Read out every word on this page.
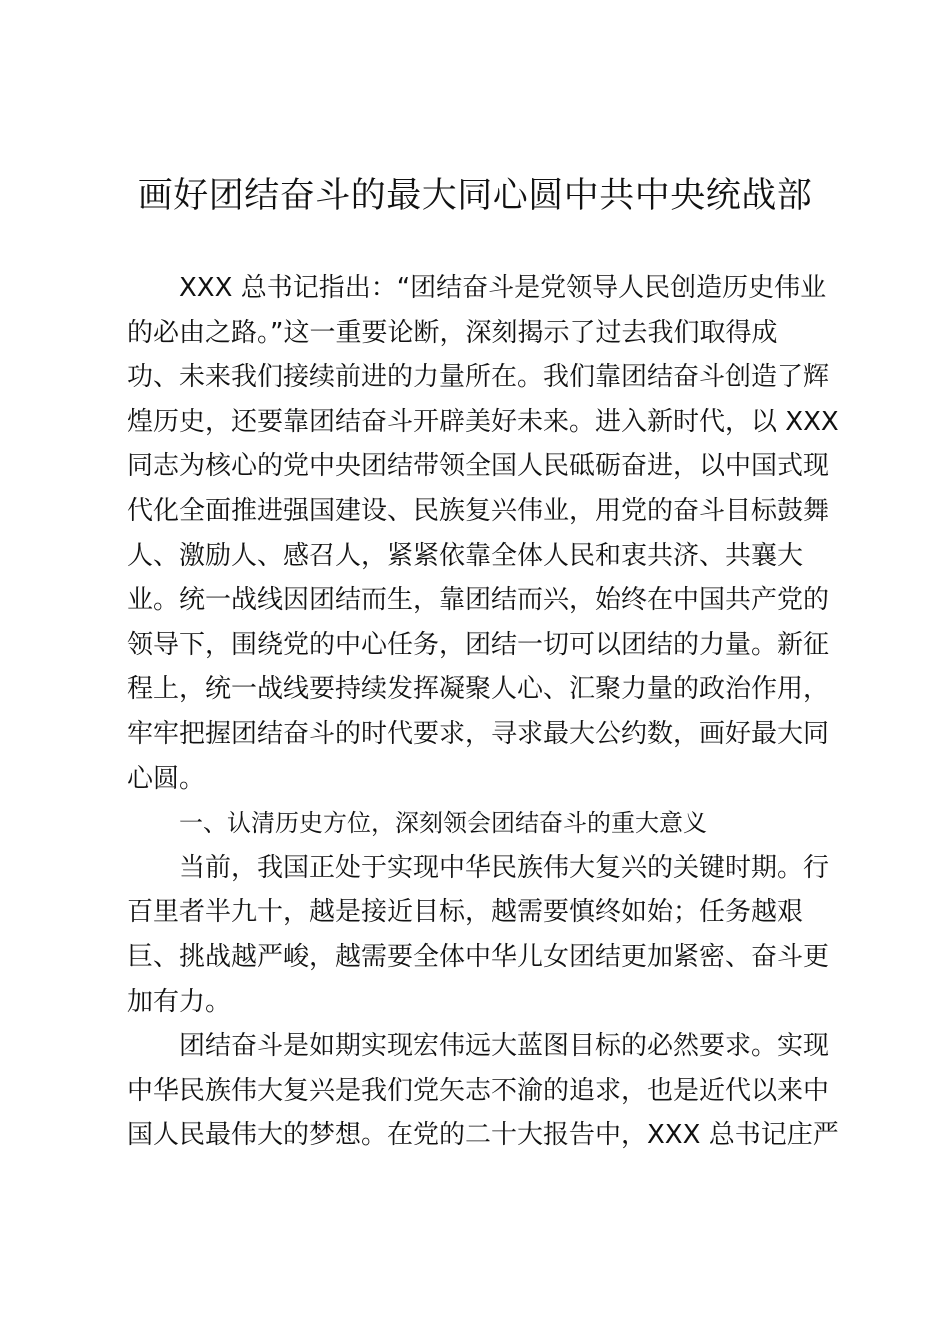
画好团结奋斗的最大同心圆中共中央统战部
XXX 总书记指出：“团结奋斗是党领导人民创造历史伟业
的必由之路。”这一重要论断，深刻揭示了过去我们取得成
功、未来我们接续前进的力量所在。我们靠团结奋斗创造了辉
煌历史，还要靠团结奋斗开辟美好未来。进入新时代，以 XXX
同志为核心的党中央团结带领全国人民砥砺奋进，以中国式现
代化全面推进强国建设、民族复兴伟业，用党的奋斗目标鼓舞
人、激励人、感召人，紧紧依靠全体人民和衷共济、共襄大
业。统一战线因团结而生，靠团结而兴，始终在中国共产党的
领导下，围绕党的中心任务，团结一切可以团结的力量。新征
程上，统一战线要持续发挥凝聚人心、汇聚力量的政治作用，
牢牢把握团结奋斗的时代要求，寻求最大公约数，画好最大同
心圆。
一、认清历史方位，深刻领会团结奋斗的重大意义
当前，我国正处于实现中华民族伟大复兴的关键时期。行
百里者半九十，越是接近目标，越需要慎终如始；任务越艰
巨、挑战越严峻，越需要全体中华儿女团结更加紧密、奋斗更
加有力。
团结奋斗是如期实现宏伟远大蓝图目标的必然要求。实现
中华民族伟大复兴是我们党矢志不渝的追求，也是近代以来中
国人民最伟大的梦想。在党的二十大报告中，XXX 总书记庄严
